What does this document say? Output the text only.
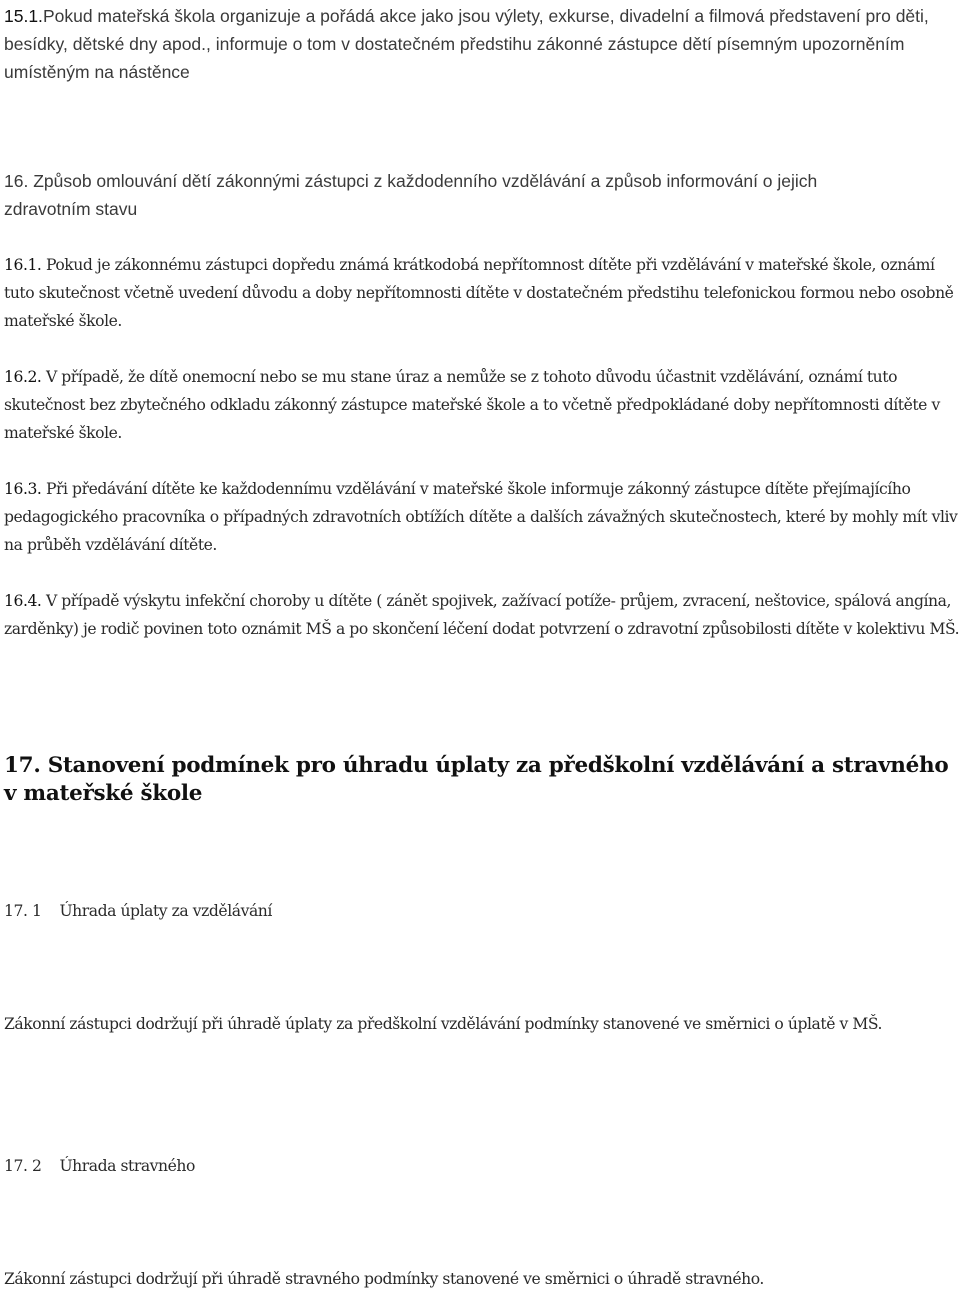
15.1.Pokud mateřská škola organizuje a pořádá akce jako jsou výlety, exkurse, divadelní a filmová představení pro děti, besídky, dětské dny apod., informuje o tom v dostatečném předstihu zákonné zástupce dětí písemným upozorněním umístěným na nástěnce

16. Způsob omlouvání dětí zákonnými zástupci z každodenního vzdělávání a způsob informování o jejich zdravotním stavu

16.1. Pokud je zákonnému zástupci dopředu známá krátkodobá nepřítomnost dítěte při vzdělávání v mateřské škole, oznámí tuto skutečnost včetně uvedení důvodu a doby nepřítomnosti dítěte v dostatečném předstihu telefonickou formou nebo osobně mateřské škole.

16.2. V případě, že dítě onemocní nebo se mu stane úraz a nemůže se z tohoto důvodu účastnit vzdělávání, oznámí tuto skutečnost bez zbytečného odkladu zákonný zástupce mateřské škole a to včetně předpokládané doby nepřítomnosti dítěte v mateřské škole.

16.3. Při předávání dítěte ke každodennímu vzdělávání v mateřské škole informuje zákonný zástupce dítěte přejímajícího pedagogického pracovníka o případných zdravotních obtížích dítěte a dalších závažných skutečnostech, které by mohly mít vliv na průběh vzdělávání dítěte.

16.4. V případě výskytu infekční choroby u dítěte ( zánět spojivek, zažívací potíže- průjem, zvracení, neštovice, spálová angína, zarděnky) je rodič povinen toto oznámit MŠ a po skončení léčení dodat potvrzení o zdravotní způsobilosti dítěte v kolektivu MŠ.

17. Stanovení podmínek pro úhradu úplaty za předškolní vzdělávání a stravného v mateřské škole

17. 1 Úhrada úplaty za vzdělávání

Zákonní zástupci dodržují při úhradě úplaty za předškolní vzdělávání podmínky stanovené ve směrnici o úplatě v MŠ.

17. 2 Úhrada stravného

Zákonní zástupci dodržují při úhradě stravného podmínky stanovené ve směrnici o úhradě stravného.
